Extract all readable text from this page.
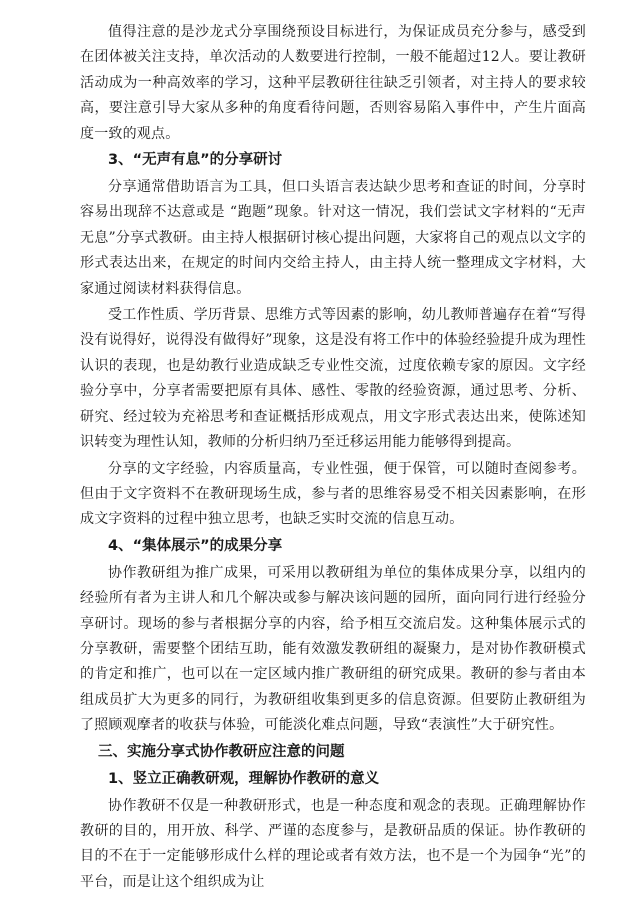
值得注意的是沙龙式分享围绕预设目标进行，为保证成员充分参与，感受到在团体被关注支持，单次活动的人数要进行控制，一般不能超过12人。要让教研活动成为一种高效率的学习，这种平层教研往往缺乏引领者，对主持人的要求较高，要注意引导大家从多种的角度看待问题，否则容易陷入事件中，产生片面高度一致的观点。

3、“无声有息”的分享研讨

分享通常借助语言为工具，但口头语言表达缺少思考和查证的时间，分享时容易出现辞不达意或是 “跑题”现象。针对这一情况，我们尝试文字材料的“无声无息”分享式教研。由主持人根据研讨核心提出问题，大家将自己的观点以文字的形式表达出来，在规定的时间内交给主持人，由主持人统一整理成文字材料，大家通过阅读材料获得信息。

受工作性质、学历背景、思维方式等因素的影响，幼儿教师普遍存在着“写得没有说得好，说得没有做得好”现象，这是没有将工作中的体验经验提升成为理性认识的表现，也是幼教行业造成缺乏专业性交流，过度依赖专家的原因。文字经验分享中，分享者需要把原有具体、感性、零散的经验资源，通过思考、分析、研究、经过较为充裕思考和查证概括形成观点，用文字形式表达出来，使陈述知识转变为理性认知，教师的分析归纳乃至迁移运用能力能够得到提高。

分享的文字经验，内容质量高，专业性强，便于保管，可以随时查阅参考。但由于文字资料不在教研现场生成，参与者的思维容易受不相关因素影响，在形成文字资料的过程中独立思考，也缺乏实时交流的信息互动。

4、“集体展示”的成果分享

协作教研组为推广成果，可采用以教研组为单位的集体成果分享，以组内的经验所有者为主讲人和几个解决或参与解决该问题的园所，面向同行进行经验分享研讨。现场的参与者根据分享的内容，给予相互交流启发。这种集体展示式的分享教研，需要整个团结互助，能有效激发教研组的凝聚力，是对协作教研模式的肯定和推广，也可以在一定区域内推广教研组的研究成果。教研的参与者由本组成员扩大为更多的同行，为教研组收集到更多的信息资源。但要防止教研组为了照顾观摩者的收获与体验，可能淡化难点问题，导致“表演性”大于研究性。

三、实施分享式协作教研应注意的问题
1、竖立正确教研观，理解协作教研的意义

协作教研不仅是一种教研形式，也是一种态度和观念的表现。正确理解协作教研的目的，用开放、科学、严谨的态度参与，是教研品质的保证。协作教研的目的不在于一定能够形成什么样的理论或者有效方法，也不是一个为园争“光”的平台，而是让这个组织成为让
